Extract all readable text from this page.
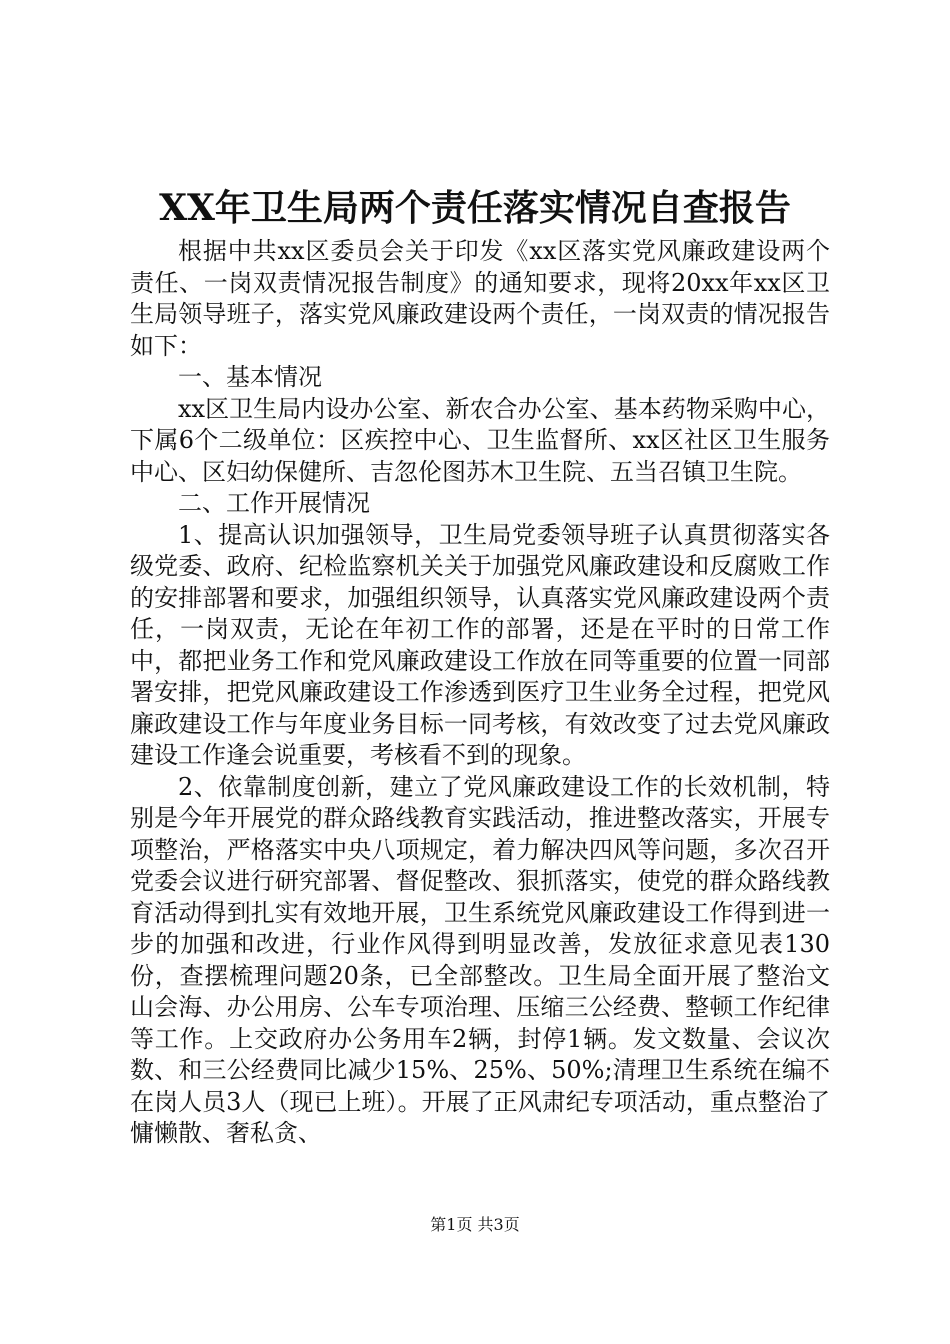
XX年卫生局两个责任落实情况自查报告

根据中共xx区委员会关于印发《xx区落实党风廉政建设两个责任、一岗双责情况报告制度》的通知要求，现将20xx年xx区卫生局领导班子，落实党风廉政建设两个责任，一岗双责的情况报告如下：

一、基本情况

xx区卫生局内设办公室、新农合办公室、基本药物采购中心，下属6个二级单位：区疾控中心、卫生监督所、xx区社区卫生服务中心、区妇幼保健所、吉忽伦图苏木卫生院、五当召镇卫生院。

二、工作开展情况

1、提高认识加强领导，卫生局党委领导班子认真贯彻落实各级党委、政府、纪检监察机关关于加强党风廉政建设和反腐败工作的安排部署和要求，加强组织领导，认真落实党风廉政建设两个责任，一岗双责，无论在年初工作的部署，还是在平时的日常工作中，都把业务工作和党风廉政建设工作放在同等重要的位置一同部署安排，把党风廉政建设工作渗透到医疗卫生业务全过程，把党风廉政建设工作与年度业务目标一同考核，有效改变了过去党风廉政建设工作逢会说重要，考核看不到的现象。

2、依靠制度创新，建立了党风廉政建设工作的长效机制，特别是今年开展党的群众路线教育实践活动，推进整改落实，开展专项整治，严格落实中央八项规定，着力解决四风等问题，多次召开党委会议进行研究部署、督促整改、狠抓落实，使党的群众路线教育活动得到扎实有效地开展，卫生系统党风廉政建设工作得到进一步的加强和改进，行业作风得到明显改善，发放征求意见表130份，查摆梳理问题20条，已全部整改。卫生局全面开展了整治文山会海、办公用房、公车专项治理、压缩三公经费、整顿工作纪律等工作。上交政府办公务用车2辆，封停1辆。发文数量、会议次数、和三公经费同比减少15%、25%、50%;清理卫生系统在编不在岗人员3人（现已上班）。开展了正风肃纪专项活动，重点整治了慵懒散、奢私贪、

第1页 共3页
